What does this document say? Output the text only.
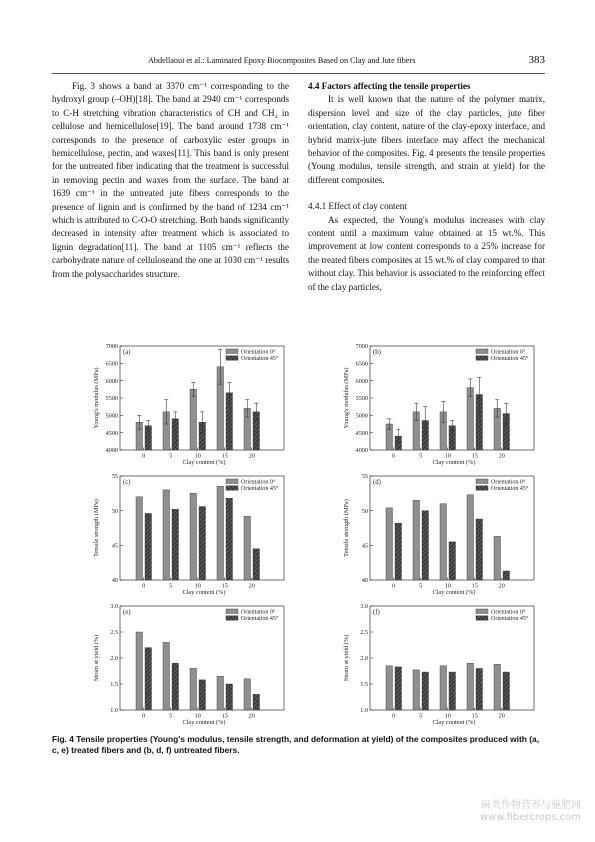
Abdellaoui et al.: Laminated Epoxy Biocomposites Based on Clay and Jute fibers	383

Fig. 3 shows a band at 3370 cm⁻¹ corresponding to the hydroxyl group (–OH)[18]. The band at 2940 cm⁻¹ corresponds to C-H stretching vibration characteristics of CH and CH₂ in cellulose and hemicellulose[19]. The band around 1738 cm⁻¹ corresponds to the presence of carboxylic ester groups in hemicellulose, pectin, and waxes[11]. This band is only present for the untreated fiber indicating that the treatment is successful in removing pectin and waxes from the surface. The band at 1639 cm⁻¹ in the untreated jute fibers corresponds to the presence of lignin and is confirmed by the band of 1234 cm⁻¹ which is attributed to C-O-O stretching. Both bands significantly decreased in intensity after treatment which is associated to lignin degradation[11]. The band at 1105 cm⁻¹ reflects the carbohydrate nature of celluloseand the one at 1030 cm⁻¹ results from the polysaccharides structure.

4.4 Factors affecting the tensile properties

It is well known that the nature of the polymer matrix, dispersion level and size of the clay particles, jute fiber orientation, clay content, nature of the clay-epoxy interface, and hybrid matrix-jute fibers interface may affect the mechanical behavior of the composites. Fig. 4 presents the tensile properties (Young modulus, tensile strength, and strain at yield) for the different composites.

4.4.1 Effect of clay content

As expected, the Young's modulus increases with clay content until a maximum value obtained at 15 wt.%. This improvement at low content corresponds to a 25% increase for the treated fibers composites at 15 wt.% of clay compared to that without clay. This behavior is associated to the reinforcing effect of the clay particles,

4000
4500
5000
5500
6000
6500
7000
Young's modulus (MPa)
(a)
0	5	10	15	20
Clay content (%)
Orientation 0°
Orientation 45°
4000
4500
5000
5500
6000
6500
7000
Young's modulus (MPa)
(b)
0	5	10	15	20
Clay content (%)
Orientation 0°
Orientation 45°
40
45
50
55
Tensile strength (MPa)
(c)
0	5	10	15	20
Clay content (%)
Orientation 0°
Orientation 45°
40
45
50
55
Tensile strength (MPa)
(d)
0	5	10	15	20
Clay content (%)
Orientation 0°
Orientation 45°
1.0
1.5
2.0
2.5
3.0
Strain at yield (%)
(e)
0	5	10	15	20
Clay content (%)
Orientation 0°
Orientation 45°
1.0
1.5
2.0
2.5
3.0
Strain at yield (%)
(f)
0	5	10	15	20
Clay content (%)
Orientation 0°
Orientation 45°
Fig. 4 Tensile properties (Young's modulus, tensile strength, and deformation at yield) of the composites produced with (a, c, e) treated fibers and (b, d, f) untreated fibers.
麻类作物营养与施肥网
www.fibercrops.com
